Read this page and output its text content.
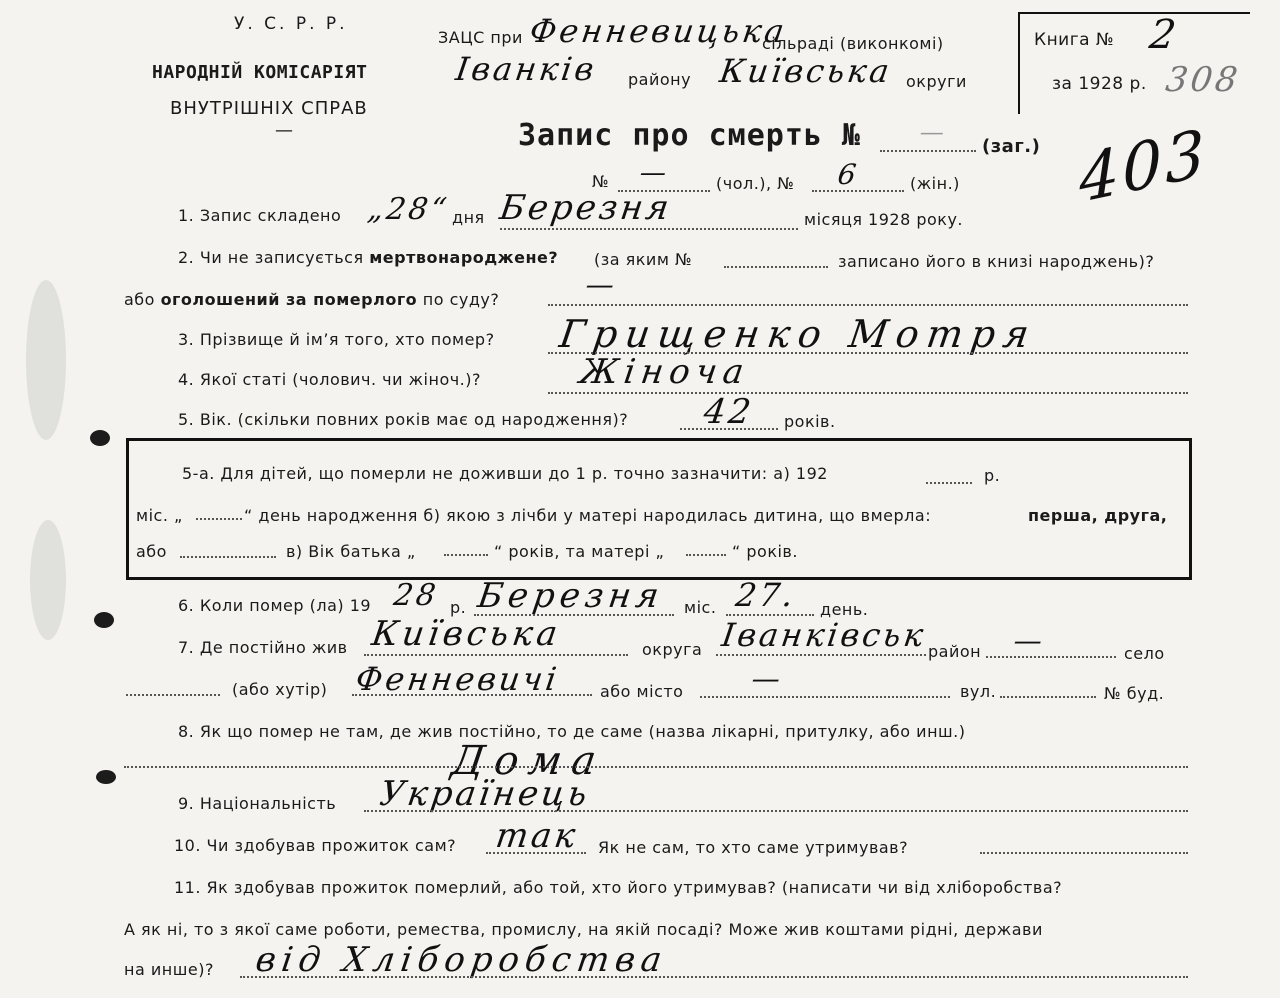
У. С. Р. Р.
НАРОДНІЙ КОМІСАРІЯТ
ВНУТРІШНІХ СПРАВ
—
ЗАЦС при Фенневицька
сільраді (виконкомі)
Іванків району Київська округи
Книга № 2
за 1928 р. 308
Запис про смерть № —
(заг.) 403
№ —	(чол.), № 6	(жін.)
1. Запис складено „28“ дня Березня	місяця 1928 року.
2. Чи не записується мертвонароджене? (за яким №	записано його в книзі народжень)?
або оголошений за померлого по суду?	—
3. Прізвище й ім’я того, хто помер? Грищенко Мотря
4. Якої статі (чолович. чи жіноч.)?	Жіноча
5. Вік. (скільки повних років має од народження)? 42 років.
5-а. Для дітей, що померли не доживши до 1 р. точно зазначити: а) 192	р.
міс. „	“ день народження б) якою з лічби у матері народилась дитина, що вмерла:	перша, друга,
або	в) Вік батька „	“ років, та матері „	“ років.
6. Коли помер (ла) 19 28 р. Березня міс. 27. день.
7. Де постійно жив Київська	округа Іванківськ район —	село
(або хутір) Фенневичі або місто —	вул.	№ буд.
8. Як що помер не там, де жив постійно, то де саме (назва лікарні, притулку, або инш.)
Дома
9. Національність Українець
10. Чи здобував прожиток сам? так Як не сам, то хто саме утримував?
11. Як здобував прожиток померлий, або той, хто його утримував? (написати чи від хліборобства?
А як ні, то з якої саме роботи, ремества, промислу, на якій посаді? Може жив коштами рідні, держави
на инше)? від Хліборобства
